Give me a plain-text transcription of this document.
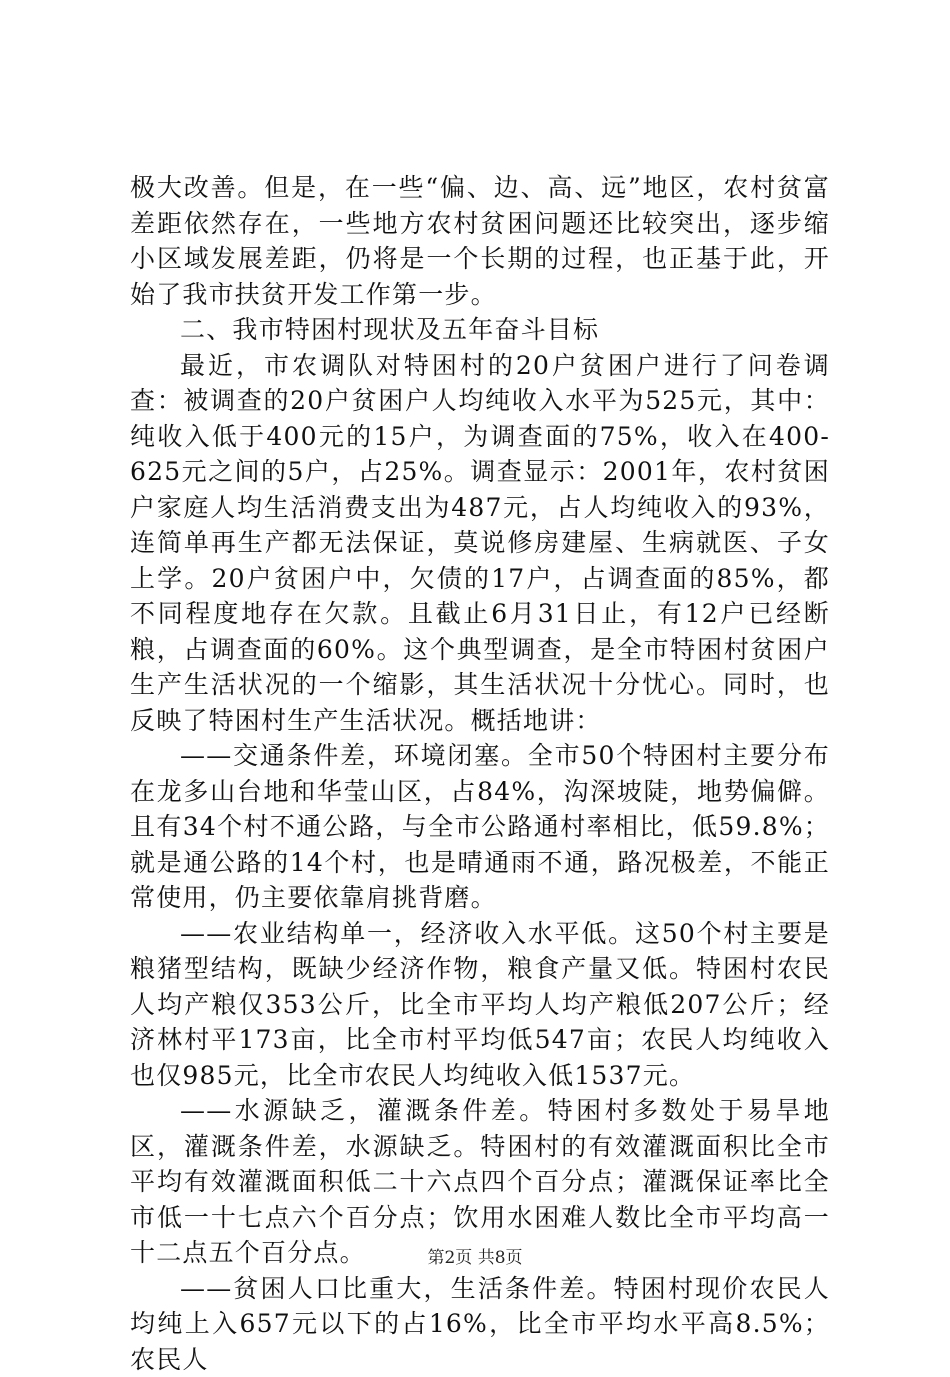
极大改善。但是，在一些“偏、边、高、远”地区，农村贫富差距依然存在，一些地方农村贫困问题还比较突出，逐步缩小区域发展差距，仍将是一个长期的过程，也正基于此，开始了我市扶贫开发工作第一步。

二、我市特困村现状及五年奋斗目标

最近，市农调队对特困村的20户贫困户进行了问卷调查：被调查的20户贫困户人均纯收入水平为525元，其中：纯收入低于400元的15户，为调查面的75%，收入在400-625元之间的5户，占25%。调查显示：2001年，农村贫困户家庭人均生活消费支出为487元，占人均纯收入的93%，连简单再生产都无法保证，莫说修房建屋、生病就医、子女上学。20户贫困户中，欠债的17户，占调查面的85%，都不同程度地存在欠款。且截止6月31日止，有12户已经断粮，占调查面的60%。这个典型调查，是全市特困村贫困户生产生活状况的一个缩影，其生活状况十分忧心。同时，也反映了特困村生产生活状况。概括地讲：

——交通条件差，环境闭塞。全市50个特困村主要分布在龙多山台地和华莹山区，占84%，沟深坡陡，地势偏僻。且有34个村不通公路，与全市公路通村率相比，低59.8%；就是通公路的14个村，也是晴通雨不通，路况极差，不能正常使用，仍主要依靠肩挑背磨。

——农业结构单一，经济收入水平低。这50个村主要是粮猪型结构，既缺少经济作物，粮食产量又低。特困村农民人均产粮仅353公斤，比全市平均人均产粮低207公斤；经济林村平173亩，比全市村平均低547亩；农民人均纯收入也仅985元，比全市农民人均纯收入低1537元。

——水源缺乏，灌溉条件差。特困村多数处于易旱地区，灌溉条件差，水源缺乏。特困村的有效灌溉面积比全市平均有效灌溉面积低二十六点四个百分点；灌溉保证率比全市低一十七点六个百分点；饮用水困难人数比全市平均高一十二点五个百分点。

——贫困人口比重大，生活条件差。特困村现价农民人均纯上入657元以下的占16%，比全市平均水平高8.5%；农民人

第2页 共8页
